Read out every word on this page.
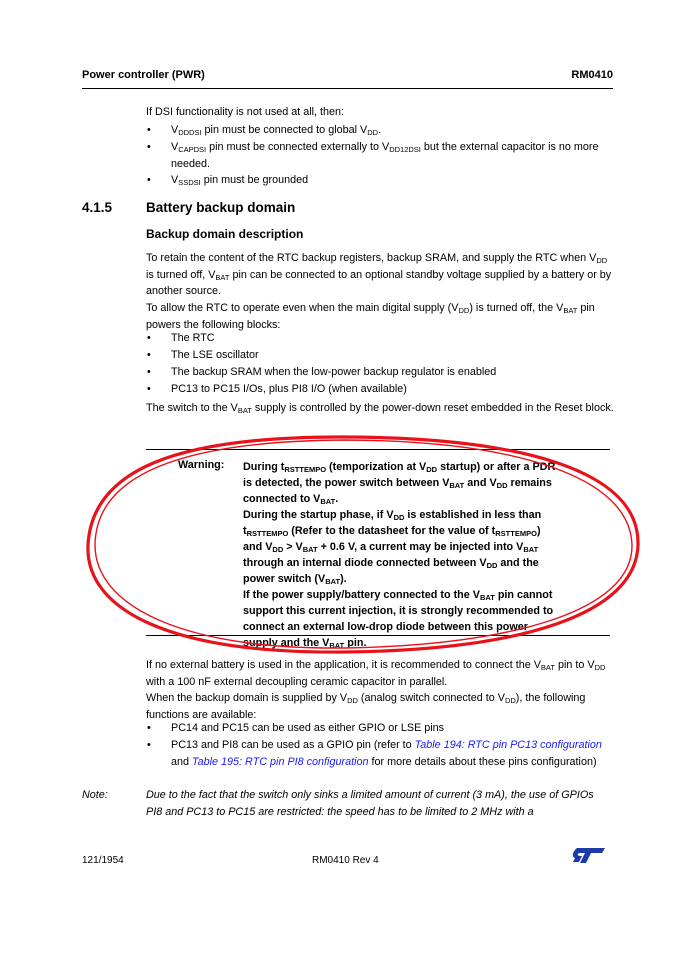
Power controller (PWR)	RM0410

If DSI functionality is not used at all, then:

• $V_{DDDSI}$ pin must be connected to global $V_{DD}$.

• $V_{CAPDSI}$ pin must be connected externally to $V_{DD12DSI}$ but the external capacitor is no more needed.

• $V_{SSDSI}$ pin must be grounded

4.1.5	Battery backup domain
Backup domain description

To retain the content of the RTC backup registers, backup SRAM, and supply the RTC when $V_{DD}$ is turned off, $V_{BAT}$ pin can be connected to an optional standby voltage supplied by a battery or by another source.

To allow the RTC to operate even when the main digital supply $(V_{DD})$ is turned off, the $V_{BAT}$ pin powers the following blocks:

• The RTC

• The LSE oscillator

• The backup SRAM when the low-power backup regulator is enabled

• PC13 to PC15 I/Os, plus PI8 I/O (when available)

The switch to the $V_{BAT}$ supply is controlled by the power-down reset embedded in the Reset block.

Warning: During $t_{RSTTEMPO}$ (temporization at $V_{DD}$ startup) or after a PDR

is detected, the power switch between $V_{BAT}$ and $V_{DD}$ remains

connected to $V_{BAT}$.

During the startup phase, if $V_{DD}$ is established in less than

$t_{RSTTEMPO}$ (Refer to the datasheet for the value of $t_{RSTTEMPO}$)

and $V_{DD} > V_{BAT} + 0.6$ V, a current may be injected into $V_{BAT}$

through an internal diode connected between $V_{DD}$ and the

power switch $(V_{BAT})$.

If the power supply/battery connected to the $V_{BAT}$ pin cannot

support this current injection, it is strongly recommended to

connect an external low-drop diode between this power

supply and the $V_{BAT}$ pin.

If no external battery is used in the application, it is recommended to connect the $V_{BAT}$ pin to $V_{DD}$ with a 100 nF external decoupling ceramic capacitor in parallel.

When the backup domain is supplied by $V_{DD}$ (analog switch connected to $V_{DD}$), the following functions are available:

• PC14 and PC15 can be used as either GPIO or LSE pins

• PC13 and PI8 can be used as a GPIO pin (refer to Table 194: RTC pin PC13 configuration and Table 195: RTC pin PI8 configuration for more details about these pins configuration)

Note:	Due to the fact that the switch only sinks a limited amount of current (3 mA), the use of GPIOs PI8 and PC13 to PC15 are restricted: the speed has to be limited to 2 MHz with a

121/1954	RM0410 Rev 4
